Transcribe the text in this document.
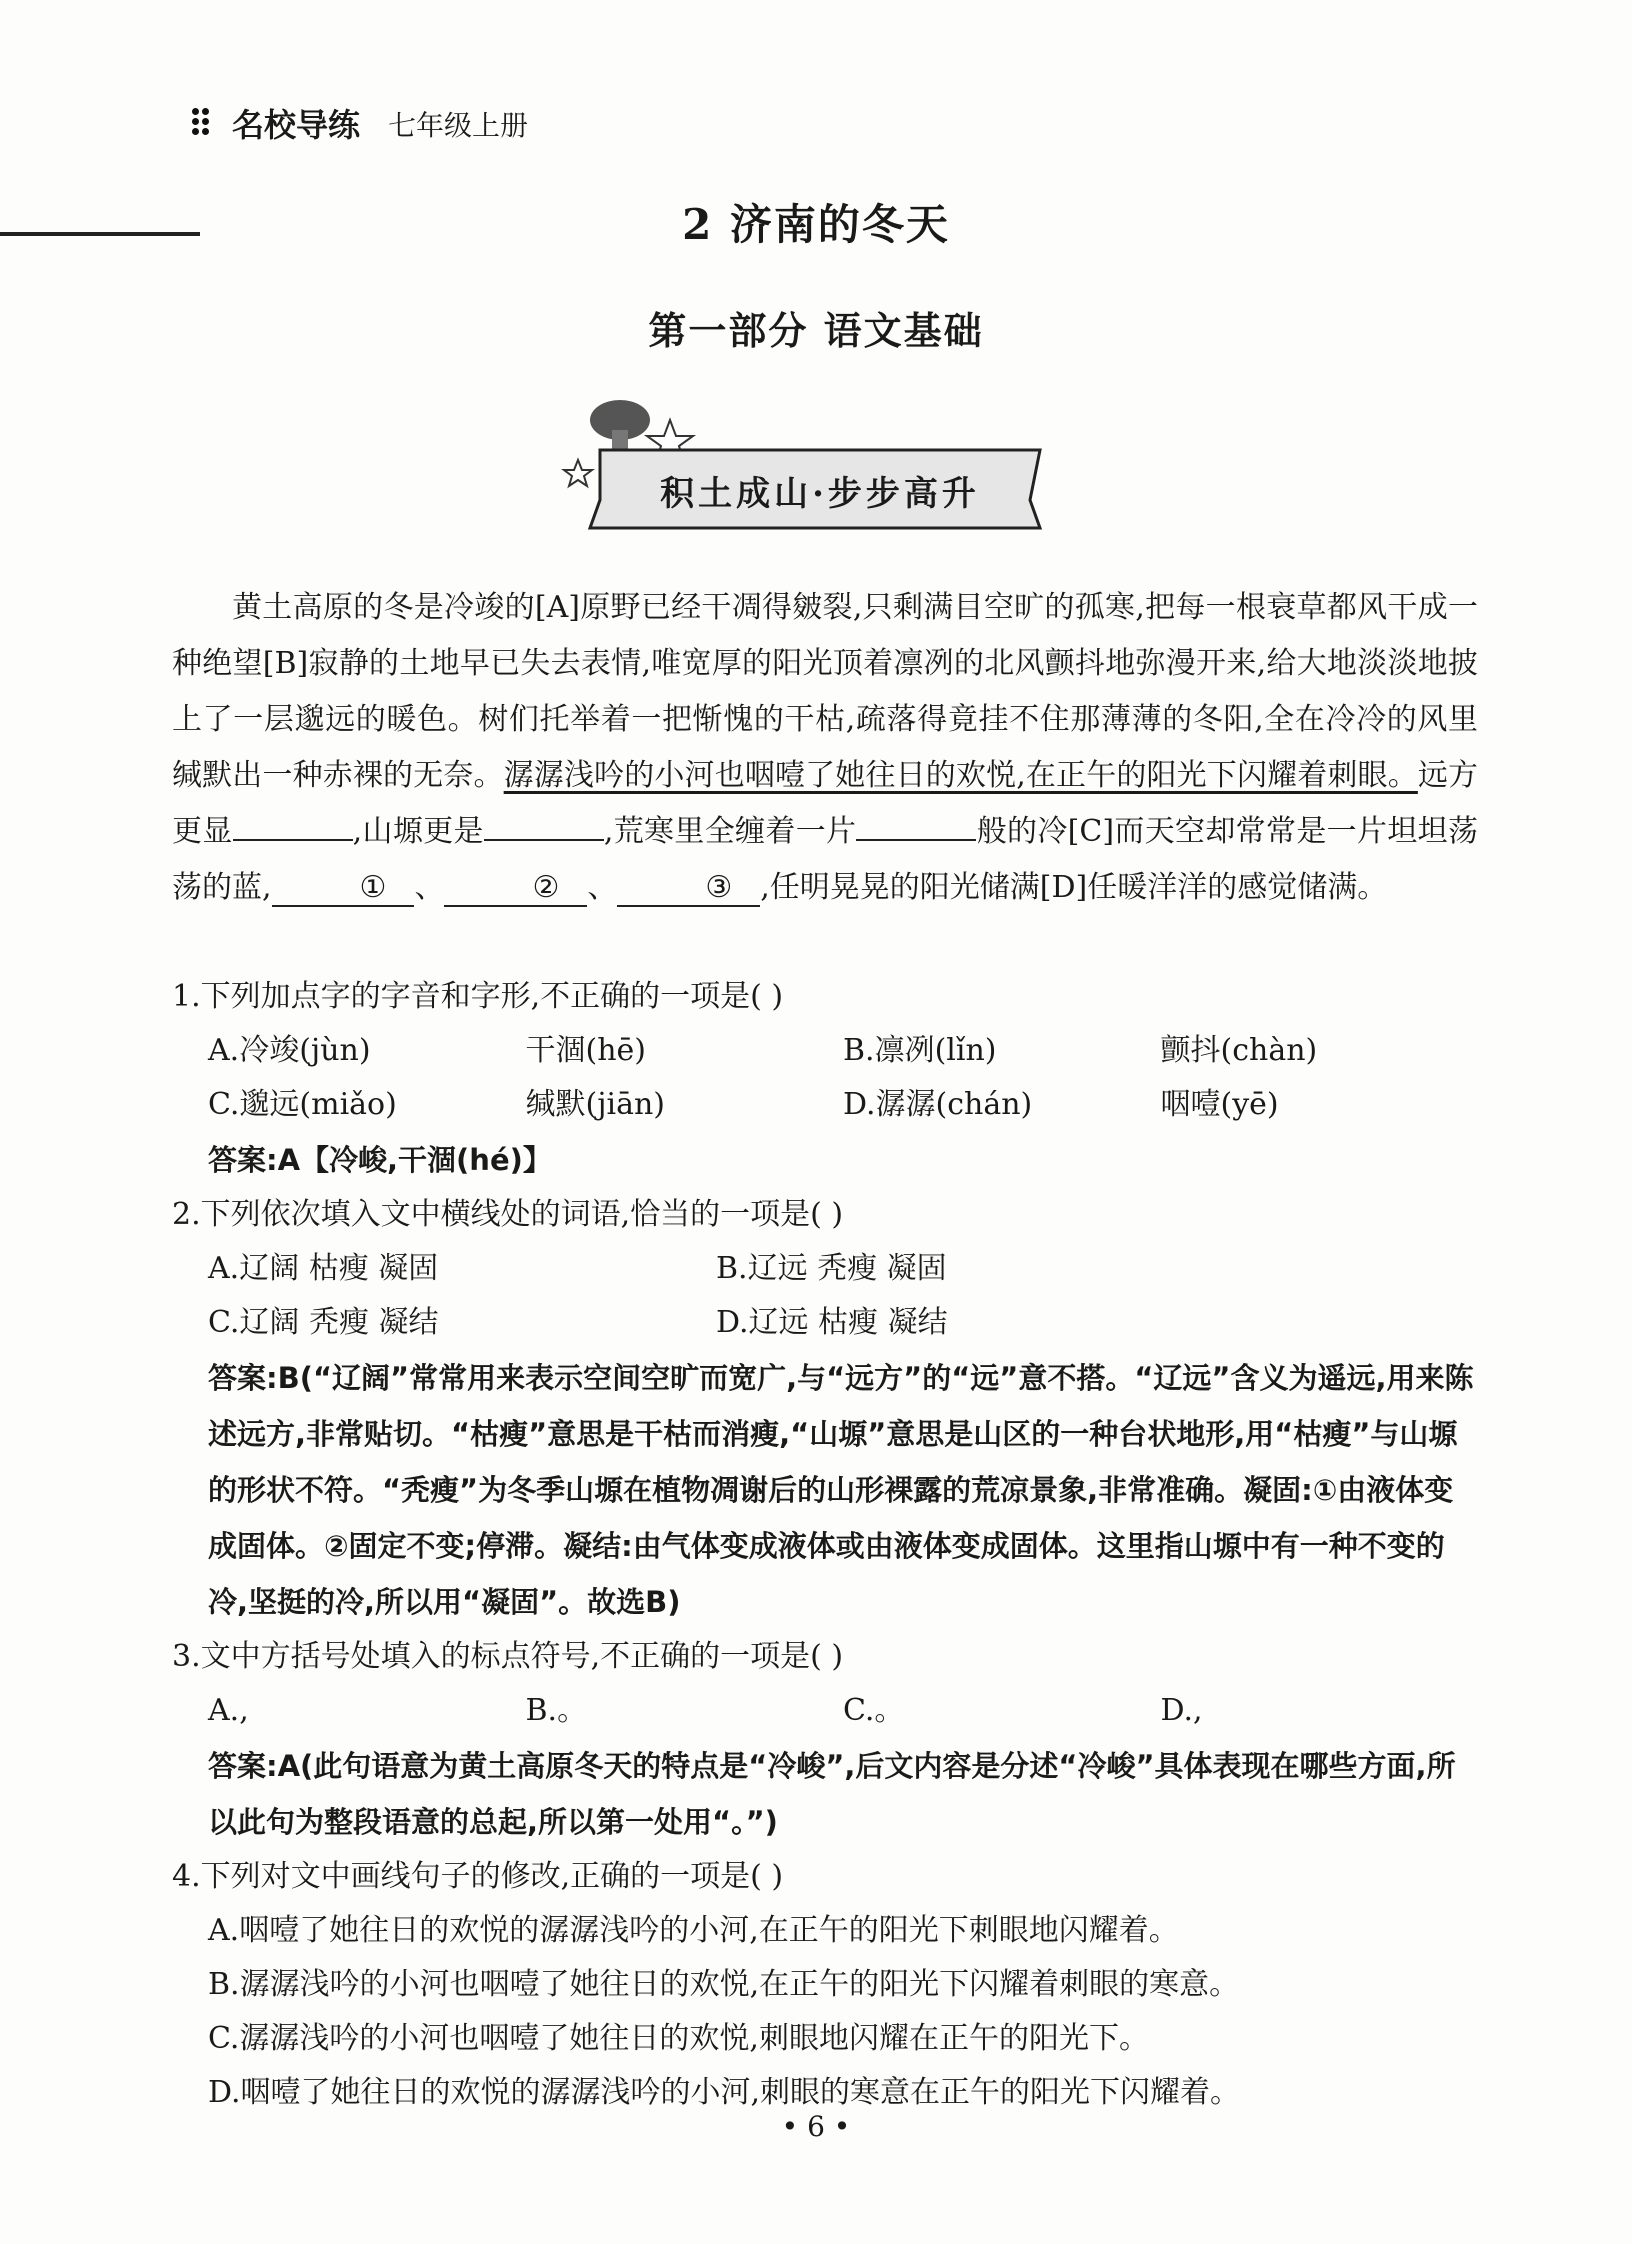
名校导练 七年级上册
2 济南的冬天
第一部分 语文基础
积土成山·步步高升

黄土高原的冬是冷竣的[A]原野已经干凋得皴裂,只剩满目空旷的孤寒,把每一根衰草都风干成一种绝望[B]寂静的土地早已失去表情,唯宽厚的阳光顶着凛冽的北风颤抖地弥漫开来,给大地淡淡地披上了一层邈远的暖色。树们托举着一把惭愧的干枯,疏落得竟挂不住那薄薄的冬阳,全在冷冷的风里缄默出一种赤裸的无奈。潺潺浅吟的小河也咽噎了她往日的欢悦,在正午的阳光下闪耀着刺眼。远方更显	,山塬更是	,荒寒里全缠着一片	般的冷[C]而天空却常常是一片坦坦荡荡的蓝,	① 、	② 、	③ ,任明晃晃的阳光储满[D]任暖洋洋的感觉储满。

1.下列加点字的字音和字形,不正确的一项是( )
A.冷竣(jùn)	干涸(hē)	B.凛冽(lǐn)	颤抖(chàn)
C.邈远(miǎo)	缄默(jiān)	D.潺潺(chán)	咽噎(yē)
答案:A【冷峻,干涸(hé)】
2.下列依次填入文中横线处的词语,恰当的一项是( )
A.辽阔 枯瘦 凝固	B.辽远 秃瘦 凝固
C.辽阔 秃瘦 凝结	D.辽远 枯瘦 凝结
答案:B(“辽阔”常常用来表示空间空旷而宽广,与“远方”的“远”意不搭。“辽远”含义为遥远,用来陈述远方,非常贴切。“枯瘦”意思是干枯而消瘦,“山塬”意思是山区的一种台状地形,用“枯瘦”与山塬的形状不符。“秃瘦”为冬季山塬在植物凋谢后的山形裸露的荒凉景象,非常准确。凝固:①由液体变成固体。②固定不变;停滞。凝结:由气体变成液体或由液体变成固体。这里指山塬中有一种不变的冷,坚挺的冷,所以用“凝固”。故选B)
3.文中方括号处填入的标点符号,不正确的一项是( )
A.,	B.。	C.。	D.,
答案:A(此句语意为黄土高原冬天的特点是“冷峻”,后文内容是分述“冷峻”具体表现在哪些方面,所以此句为整段语意的总起,所以第一处用“。”)
4.下列对文中画线句子的修改,正确的一项是( )
A.咽噎了她往日的欢悦的潺潺浅吟的小河,在正午的阳光下刺眼地闪耀着。
B.潺潺浅吟的小河也咽噎了她往日的欢悦,在正午的阳光下闪耀着刺眼的寒意。
C.潺潺浅吟的小河也咽噎了她往日的欢悦,刺眼地闪耀在正午的阳光下。
D.咽噎了她往日的欢悦的潺潺浅吟的小河,刺眼的寒意在正午的阳光下闪耀着。
• 6 •
